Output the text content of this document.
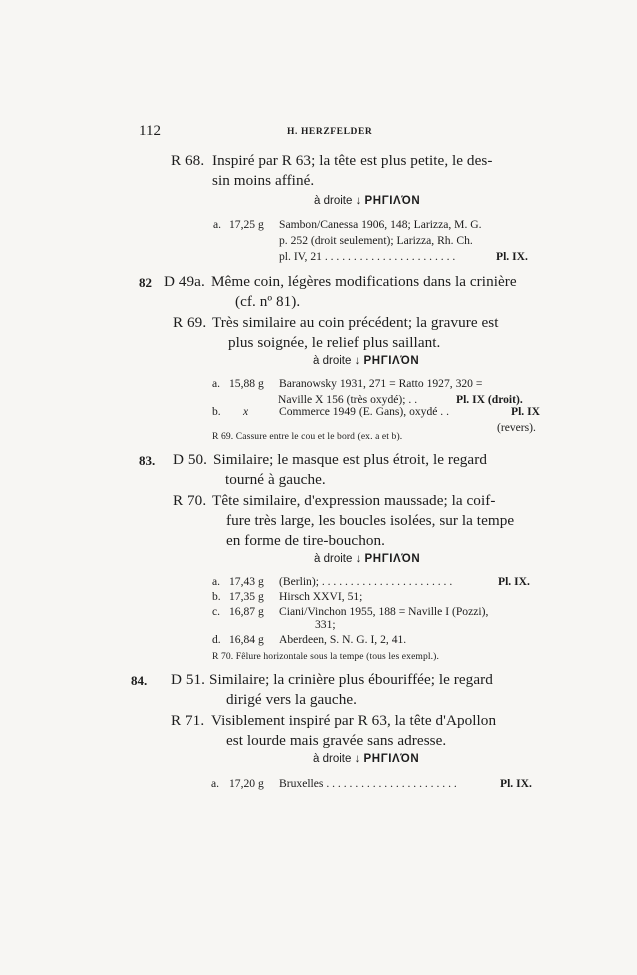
112	H. HERZFELDER
R 68. Inspiré par R 63; la tête est plus petite, le des-
sin moins affiné.
à droite ↓ PHΓIΛΌN
a. 17,25 g Sambon/Canessa 1906, 148; Larizza, M. G.
p. 252 (droit seulement); Larizza, Rh. Ch.
pl. IV, 21 . . . . . . . . . . . . . . . . . . . . . . .	Pl. IX.
82 D 49a. Même coin, légères modifications dans la crinière
(cf. nº 81).
R 69. Très similaire au coin précédent; la gravure est
plus soignée, le relief plus saillant.
à droite ↓ PHΓIΛΌN
a. 15,88 g Baranowsky 1931, 271 = Ratto 1927, 320 =
Naville X 156 (très oxydé); . .	Pl. IX (droit).
b. x	Commerce 1949 (E. Gans), oxydé . .	Pl. IX
(revers).
R 69. Cassure entre le cou et le bord (ex. a et b).
83. D 50. Similaire; le masque est plus étroit, le regard
tourné à gauche.
R 70. Tête similaire, d'expression maussade; la coif-
fure très large, les boucles isolées, sur la tempe
en forme de tire-bouchon.
à droite ↓ PHΓIΛΌN
a. 17,43 g (Berlin); . . . . . . . . . . . . . . . . . . . . . . .	Pl. IX.
b. 17,35 g Hirsch XXVI, 51;
c. 16,87 g Ciani/Vinchon 1955, 188 = Naville I (Pozzi),
331;
d. 16,84 g Aberdeen, S. N. G. I, 2, 41.
R 70. Fêlure horizontale sous la tempe (tous les exempl.).
84. D 51. Similaire; la crinière plus ébouriffée; le regard
dirigé vers la gauche.
R 71. Visiblement inspiré par R 63, la tête d'Apollon
est lourde mais gravée sans adresse.
à droite ↓ PHΓIΛΌN
a. 17,20 g Bruxelles . . . . . . . . . . . . . . . . . . . . . . .	Pl. IX.
